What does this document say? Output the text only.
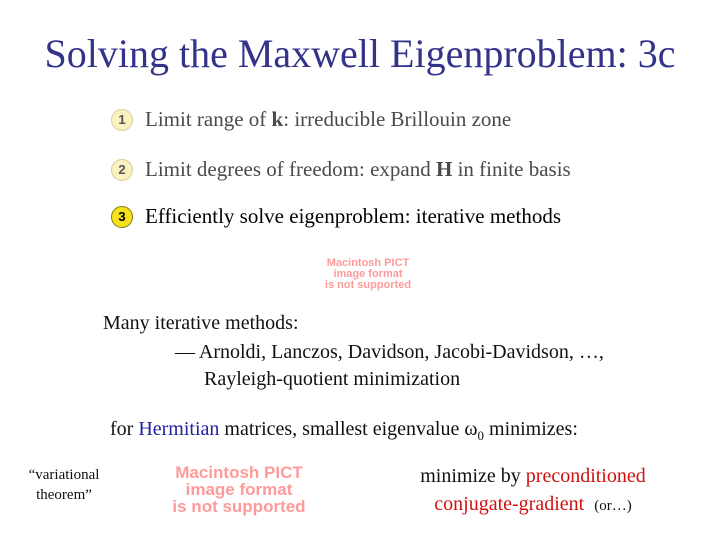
Solving the Maxwell Eigenproblem: 3c
1 Limit range of k: irreducible Brillouin zone
2 Limit degrees of freedom: expand H in finite basis
3 Efficiently solve eigenproblem: iterative methods
Macintosh PICT
image format
is not supported
Many iterative methods:
— Arnoldi, Lanczos, Davidson, Jacobi-Davidson, …,
Rayleigh-quotient minimization
for Hermitian matrices, smallest eigenvalue $\omega_0$ minimizes:
“variational
theorem”
Macintosh PICT
image format
is not supported
minimize by preconditioned
conjugate-gradient (or…)
